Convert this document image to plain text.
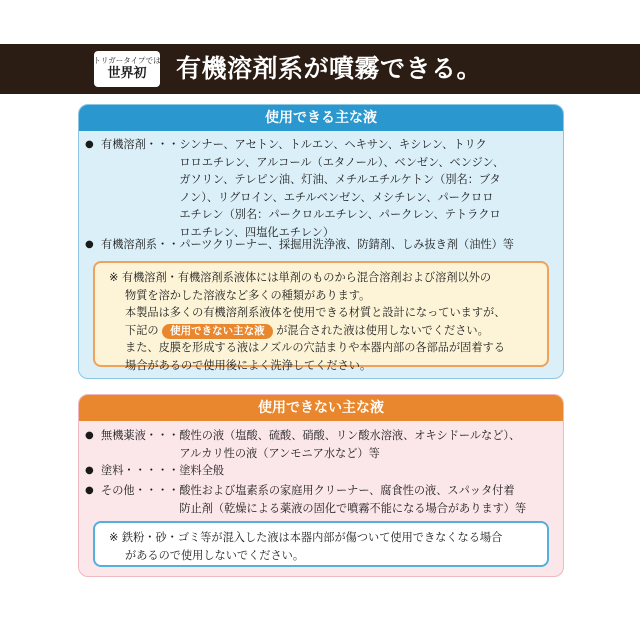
トリガータイプでは
世界初 有機溶剤系が噴霧できる。
使用できる主な液
● 有機溶剤・・・ シンナー、アセトン、トルエン、ヘキサン、キシレン、トリク
ロロエチレン、アルコール（エタノール）、ベンゼン、ベンジン、
ガソリン、テレピン油、灯油、メチルエチルケトン（別名：ブタ
ノン）、リグロイン、エチルベンゼン、メシチレン、パークロロ
エチレン（別名：パークロルエチレン、パークレン、テトラクロ
ロエチレン、四塩化エチレン）
● 有機溶剤系・・ パーツクリーナー、採掘用洗浄液、防錆剤、しみ抜き剤（油性）等
※ 有機溶剤・有機溶剤系液体には単剤のものから混合溶剤および溶剤以外の
物質を溶かした溶液など多くの種類があります。
本製品は多くの有機溶剤系液体を使用できる材質と設計になっていますが、
下記の 使用できない主な液 が混合された液は使用しないでください。
また、皮膜を形成する液はノズルの穴詰まりや本器内部の各部品が固着する
場合があるので使用後によく洗浄してください。
使用できない主な液
● 無機薬液・・・ 酸性の液（塩酸、硫酸、硝酸、リン酸水溶液、オキシドールなど）、
アルカリ性の液（アンモニア水など）等
● 塗料・・・・・ 塗料全般
● その他・・・・ 酸性および塩素系の家庭用クリーナー、腐食性の液、スパッタ付着
防止剤（乾燥による薬液の固化で噴霧不能になる場合があります）等
※ 鉄粉・砂・ゴミ等が混入した液は本器内部が傷ついて使用できなくなる場合
があるので使用しないでください。
